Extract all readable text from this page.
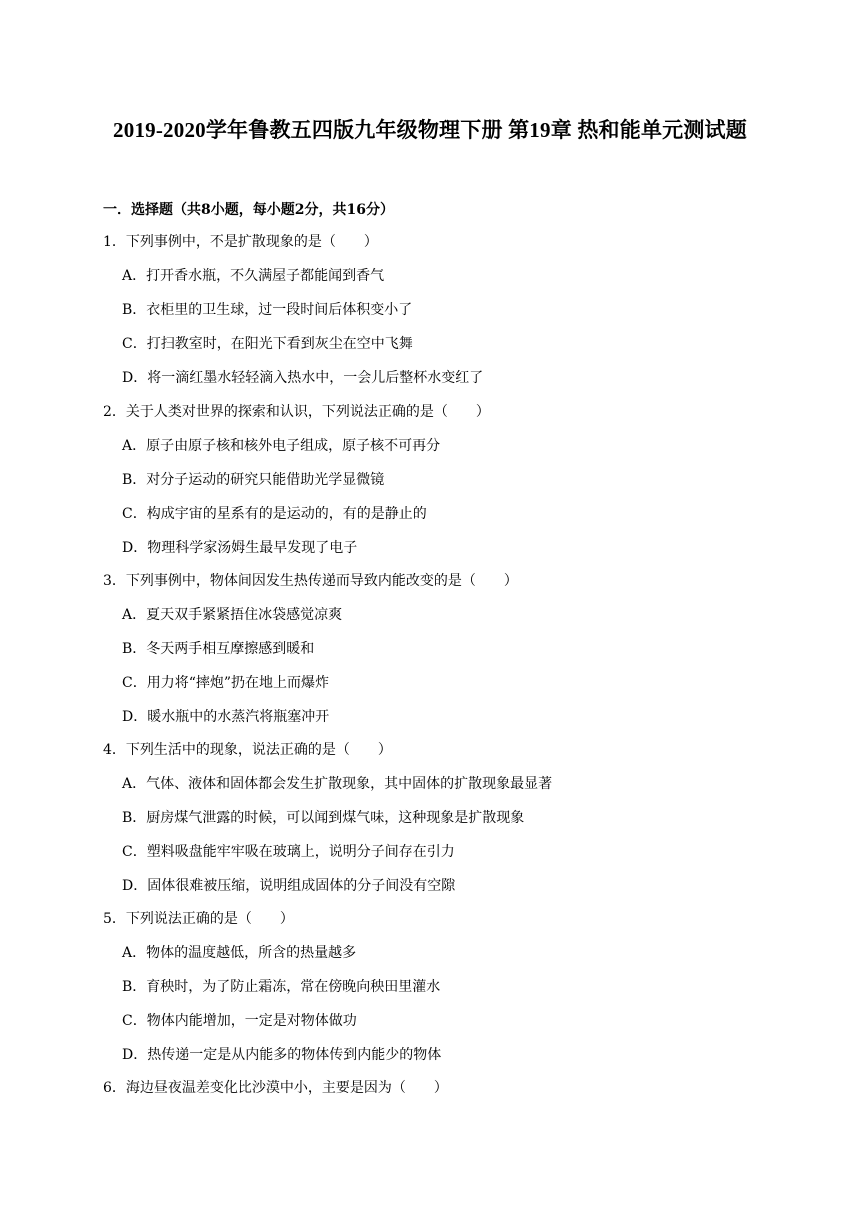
2019-2020学年鲁教五四版九年级物理下册 第19章 热和能单元测试题
一．选择题（共8小题，每小题2分，共16分）
1．下列事例中，不是扩散现象的是（　　）
A．打开香水瓶，不久满屋子都能闻到香气
B．衣柜里的卫生球，过一段时间后体积变小了
C．打扫教室时，在阳光下看到灰尘在空中飞舞
D．将一滴红墨水轻轻滴入热水中，一会儿后整杯水变红了
2．关于人类对世界的探索和认识，下列说法正确的是（　　）
A．原子由原子核和核外电子组成，原子核不可再分
B．对分子运动的研究只能借助光学显微镜
C．构成宇宙的星系有的是运动的，有的是静止的
D．物理科学家汤姆生最早发现了电子
3．下列事例中，物体间因发生热传递而导致内能改变的是（　　）
A．夏天双手紧紧捂住冰袋感觉凉爽
B．冬天两手相互摩擦感到暖和
C．用力将“摔炮”扔在地上而爆炸
D．暖水瓶中的水蒸汽将瓶塞冲开
4．下列生活中的现象，说法正确的是（　　）
A．气体、液体和固体都会发生扩散现象，其中固体的扩散现象最显著
B．厨房煤气泄露的时候，可以闻到煤气味，这种现象是扩散现象
C．塑料吸盘能牢牢吸在玻璃上，说明分子间存在引力
D．固体很难被压缩，说明组成固体的分子间没有空隙
5．下列说法正确的是（　　）
A．物体的温度越低，所含的热量越多
B．育秧时，为了防止霜冻，常在傍晚向秧田里灌水
C．物体内能增加，一定是对物体做功
D．热传递一定是从内能多的物体传到内能少的物体
6．海边昼夜温差变化比沙漠中小，主要是因为（　　）
